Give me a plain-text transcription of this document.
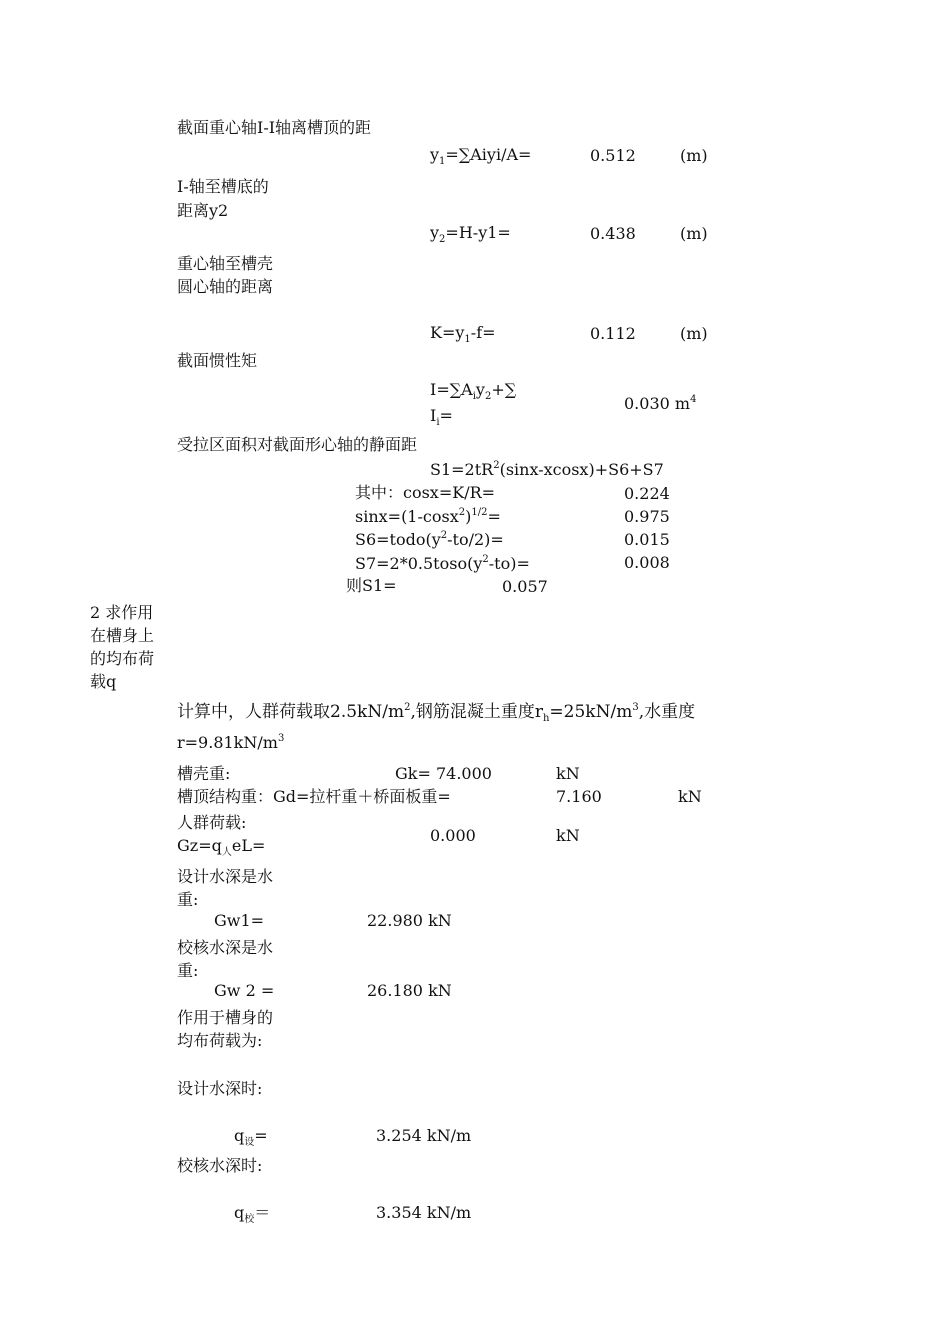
截面重心轴I-I轴离槽顶的距
$y_1=\sum Aiyi/A=$	0.512	(m)
I-轴至槽底的距离y2
$y_2=H-y1=$	0.438	(m)
重心轴至槽壳圆心轴的距离
$K=y_1-f=$	0.112	(m)
截面惯性矩
$I=\sum A_iy_2+\sum$
$I_i=$
0.030 $m^4$
受拉区面积对截面形心轴的静面距
$S1=2tR^2(\sin x-xcosx)+S6+S7$
其中：cosx=K/R=	0.224
$\sin x=(1-\cos x^2)^{1/2}=$	0.975
$S6=todo(y^2-to/2)=$	0.015
$S7=2*0.5toso(y^2-to)=$	0.008
则S1=	0.057
2 求作用在槽身上的均布荷载q
计算中，人群荷载取$2.5kN/m^2$,钢筋混凝土重度$r_h=25kN/m^3$,水重度
$r=9.81kN/m^3$
槽壳重:	Gk= 74.000	kN
槽顶结构重：Gd=拉杆重＋桥面板重=	7.160	kN
人群荷载:
$Gz=q_人eL=$
0.000	kN
设计水深是水重:
Gw1=	22.980 kN
校核水深是水重:
Gw 2 =	26.180 kN
作用于槽身的均布荷载为:
设计水深时:
$q_设=$	3.254 kN/m
校核水深时:
$q_校=$	3.354 kN/m
